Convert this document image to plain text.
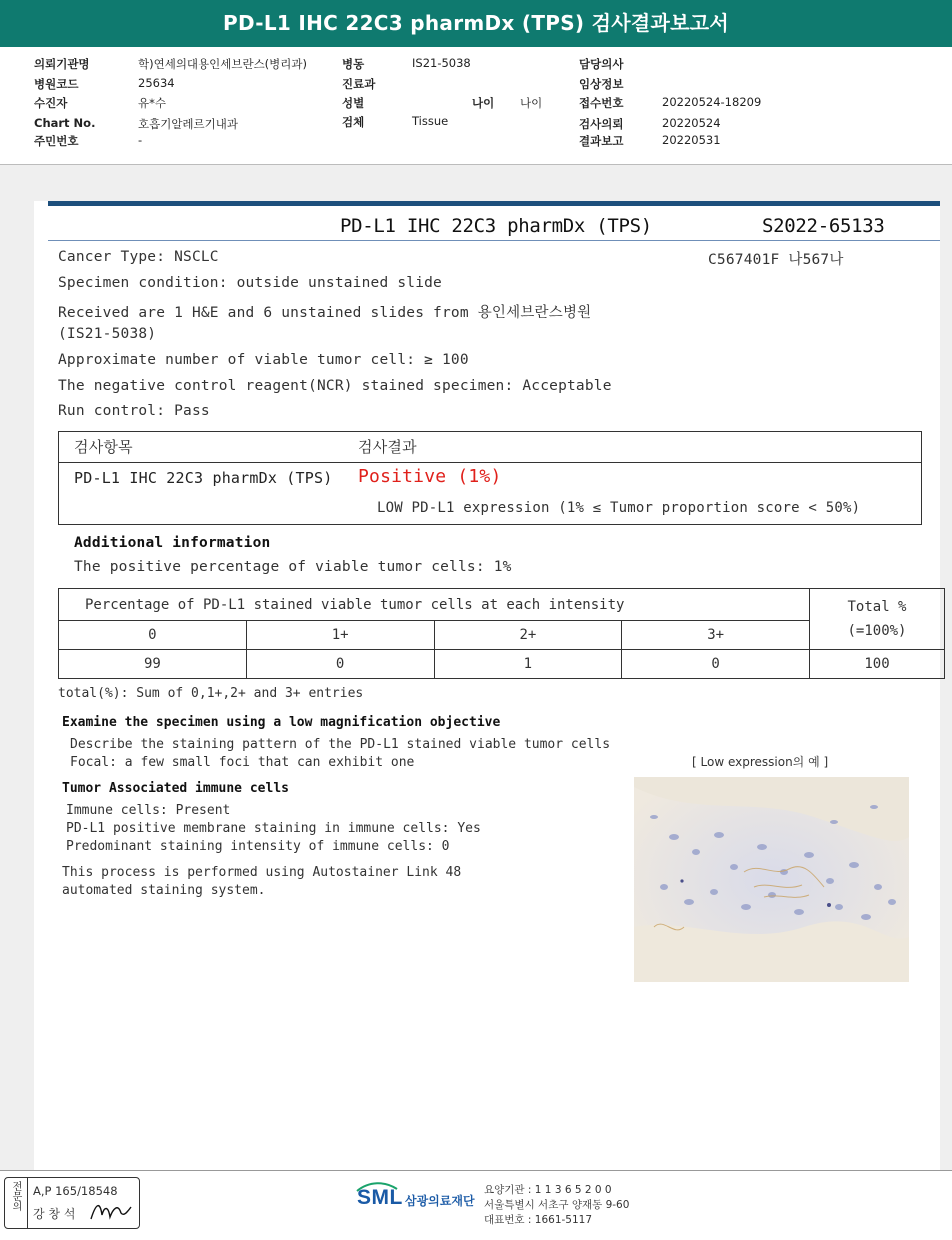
PD-L1 IHC 22C3 pharmDx (TPS) 검사결과보고서
의뢰기관명	학)연세의대용인세브란스(병리과)
병원코드	25634
수진자	유*수
Chart No.	호흡기알레르기내과
주민번호	-
병동	IS21-5038
진료과
성별	나이 나이
검체	Tissue
담당의사
임상정보
접수번호	20220524-18209
검사의뢰	20220524
결과보고	20220531
PD-L1 IHC 22C3 pharmDx (TPS)	S2022-65133
Cancer Type: NSCLC	C567401F 나567나
Specimen condition: outside unstained slide
Received are 1 H&E and 6 unstained slides from 용인세브란스병원
(IS21-5038)
Approximate number of viable tumor cell: ≥ 100
The negative control reagent(NCR) stained specimen: Acceptable
Run control: Pass
검사항목	검사결과
PD-L1 IHC 22C3 pharmDx (TPS) Positive (1%)
LOW PD-L1 expression (1% ≤ Tumor proportion score < 50%)
Additional information
The positive percentage of viable tumor cells: 1%
Percentage of PD-L1 stained viable tumor cells at each intensity				Total %
(=100%)

0	1+	2+	3+	
99	0	1	0	100
total(%): Sum of 0,1+,2+ and 3+ entries
Examine the specimen using a low magnification objective
Describe the staining pattern of the PD-L1 stained viable tumor cells
Focal: a few small foci that can exhibit one	[ Low expression의 예 ]
Tumor Associated immune cells
Immune cells: Present
PD-L1 positive membrane staining in immune cells: Yes
Predominant staining intensity of immune cells: 0
This process is performed using Autostainer Link 48
automated staining system.
전문의 A,P 165/18548
강 창 석
SML 삼광의료재단
요양기관 : 1 1 3 6 5 2 0 0
서울특별시 서초구 양재동 9-60
대표번호 : 1661-5117
